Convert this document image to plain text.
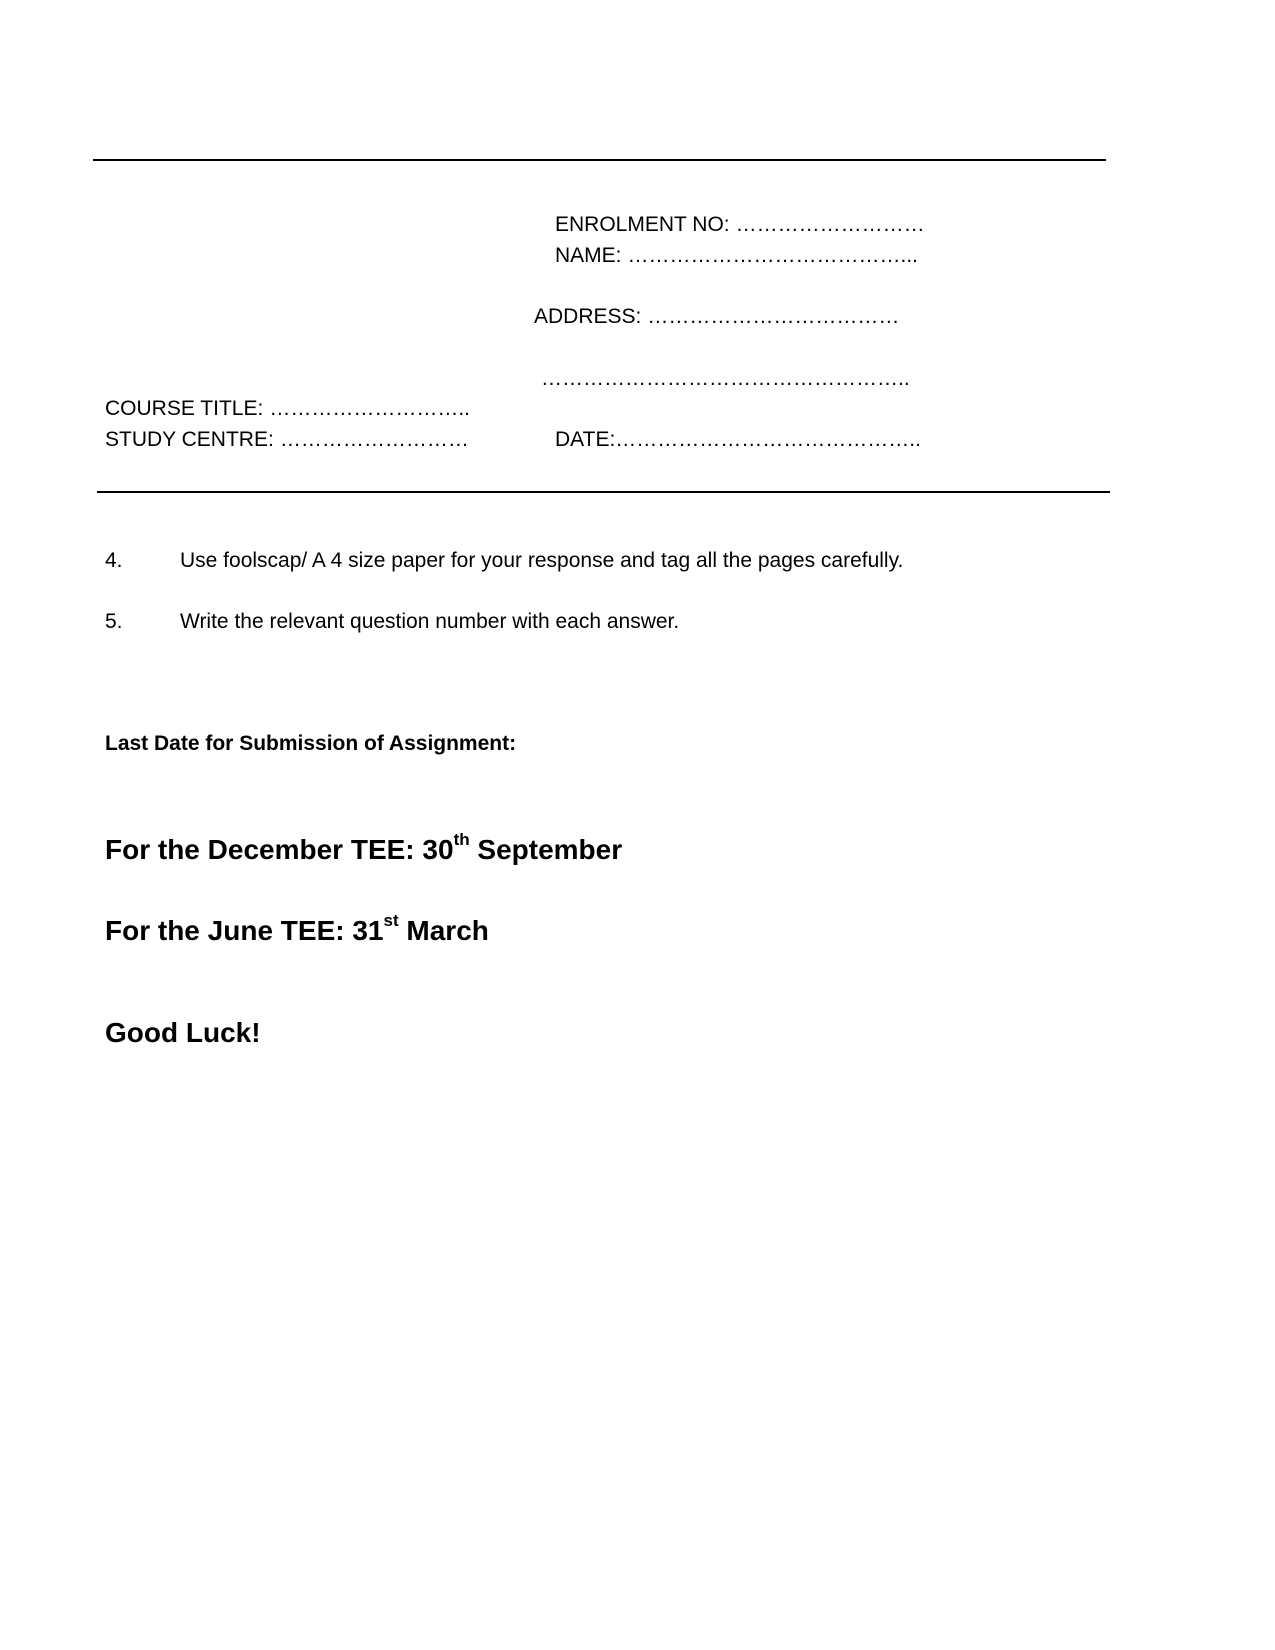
ENROLMENT NO: ………………………
NAME: …………………………………...
ADDRESS: ………………………………
……………………………………………..
COURSE TITLE: ………………………..
STUDY CENTRE: ………………………	DATE:……………………………………..
4.	Use foolscap/ A 4 size paper for your response and tag all the pages carefully.
5.	Write the relevant question number with each answer.
Last Date for Submission of Assignment:
For the December TEE: 30th September
For the June TEE: 31st March
Good Luck!
